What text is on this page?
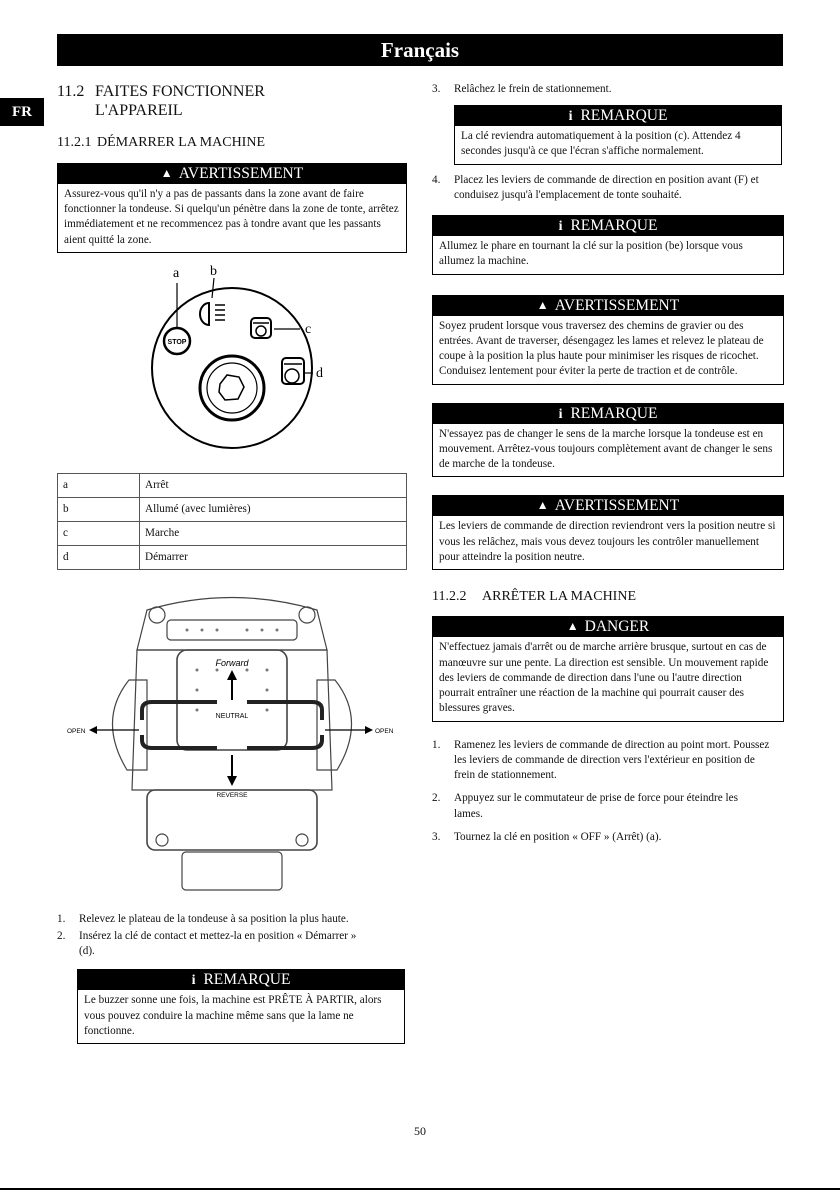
Français
FR
11.2 FAITES FONCTIONNER L'APPAREIL
11.2.1 DÉMARRER LA MACHINE
▲ AVERTISSEMENT
Assurez-vous qu'il n'y a pas de passants dans la zone avant de faire fonctionner la tondeuse. Si quelqu'un pénètre dans la zone de tonte, arrêtez immédiatement et ne recommencez pas à tondre avant que les passants aient quitté la zone.
STOP
a b
c
d
a	Arrêt
b	Allumé (avec lumières)
c	Marche
d	Démarrer
Forward
NEUTRAL
REVERSE
OPEN	OPEN
1.	Relevez le plateau de la tondeuse à sa position la plus haute.
2.	Insérez la clé de contact et mettez-la en position « Démarrer » (d).
i REMARQUE
Le buzzer sonne une fois, la machine est PRÊTE À PARTIR, alors vous pouvez conduire la machine même sans que la lame ne fonctionne.
3.	Relâchez le frein de stationnement.
i REMARQUE
La clé reviendra automatiquement à la position (c). Attendez 4 secondes jusqu'à ce que l'écran s'affiche normalement.
4.	Placez les leviers de commande de direction en position avant (F) et conduisez jusqu'à l'emplacement de tonte souhaité.
i REMARQUE
Allumez le phare en tournant la clé sur la position (be) lorsque vous allumez la machine.
▲ AVERTISSEMENT
Soyez prudent lorsque vous traversez des chemins de gravier ou des entrées. Avant de traverser, désengagez les lames et relevez le plateau de coupe à la position la plus haute pour minimiser les risques de ricochet. Conduisez lentement pour éviter la perte de traction et de contrôle.
i REMARQUE
N'essayez pas de changer le sens de la marche lorsque la tondeuse est en mouvement. Arrêtez-vous toujours complètement avant de changer le sens de marche de la tondeuse.
▲ AVERTISSEMENT
Les leviers de commande de direction reviendront vers la position neutre si vous les relâchez, mais vous devez toujours les contrôler manuellement pour atteindre la position neutre.
11.2.2	ARRÊTER LA MACHINE
▲ DANGER
N'effectuez jamais d'arrêt ou de marche arrière brusque, surtout en cas de manœuvre sur une pente. La direction est sensible. Un mouvement rapide des leviers de commande de direction dans l'une ou l'autre direction pourrait entraîner une réaction de la machine qui pourrait causer des blessures graves.
1.	Ramenez les leviers de commande de direction au point mort. Poussez les leviers de commande de direction vers l'extérieur en position de frein de stationnement.
2.	Appuyez sur le commutateur de prise de force pour éteindre les lames.
3.	Tournez la clé en position « OFF » (Arrêt) (a).
50
